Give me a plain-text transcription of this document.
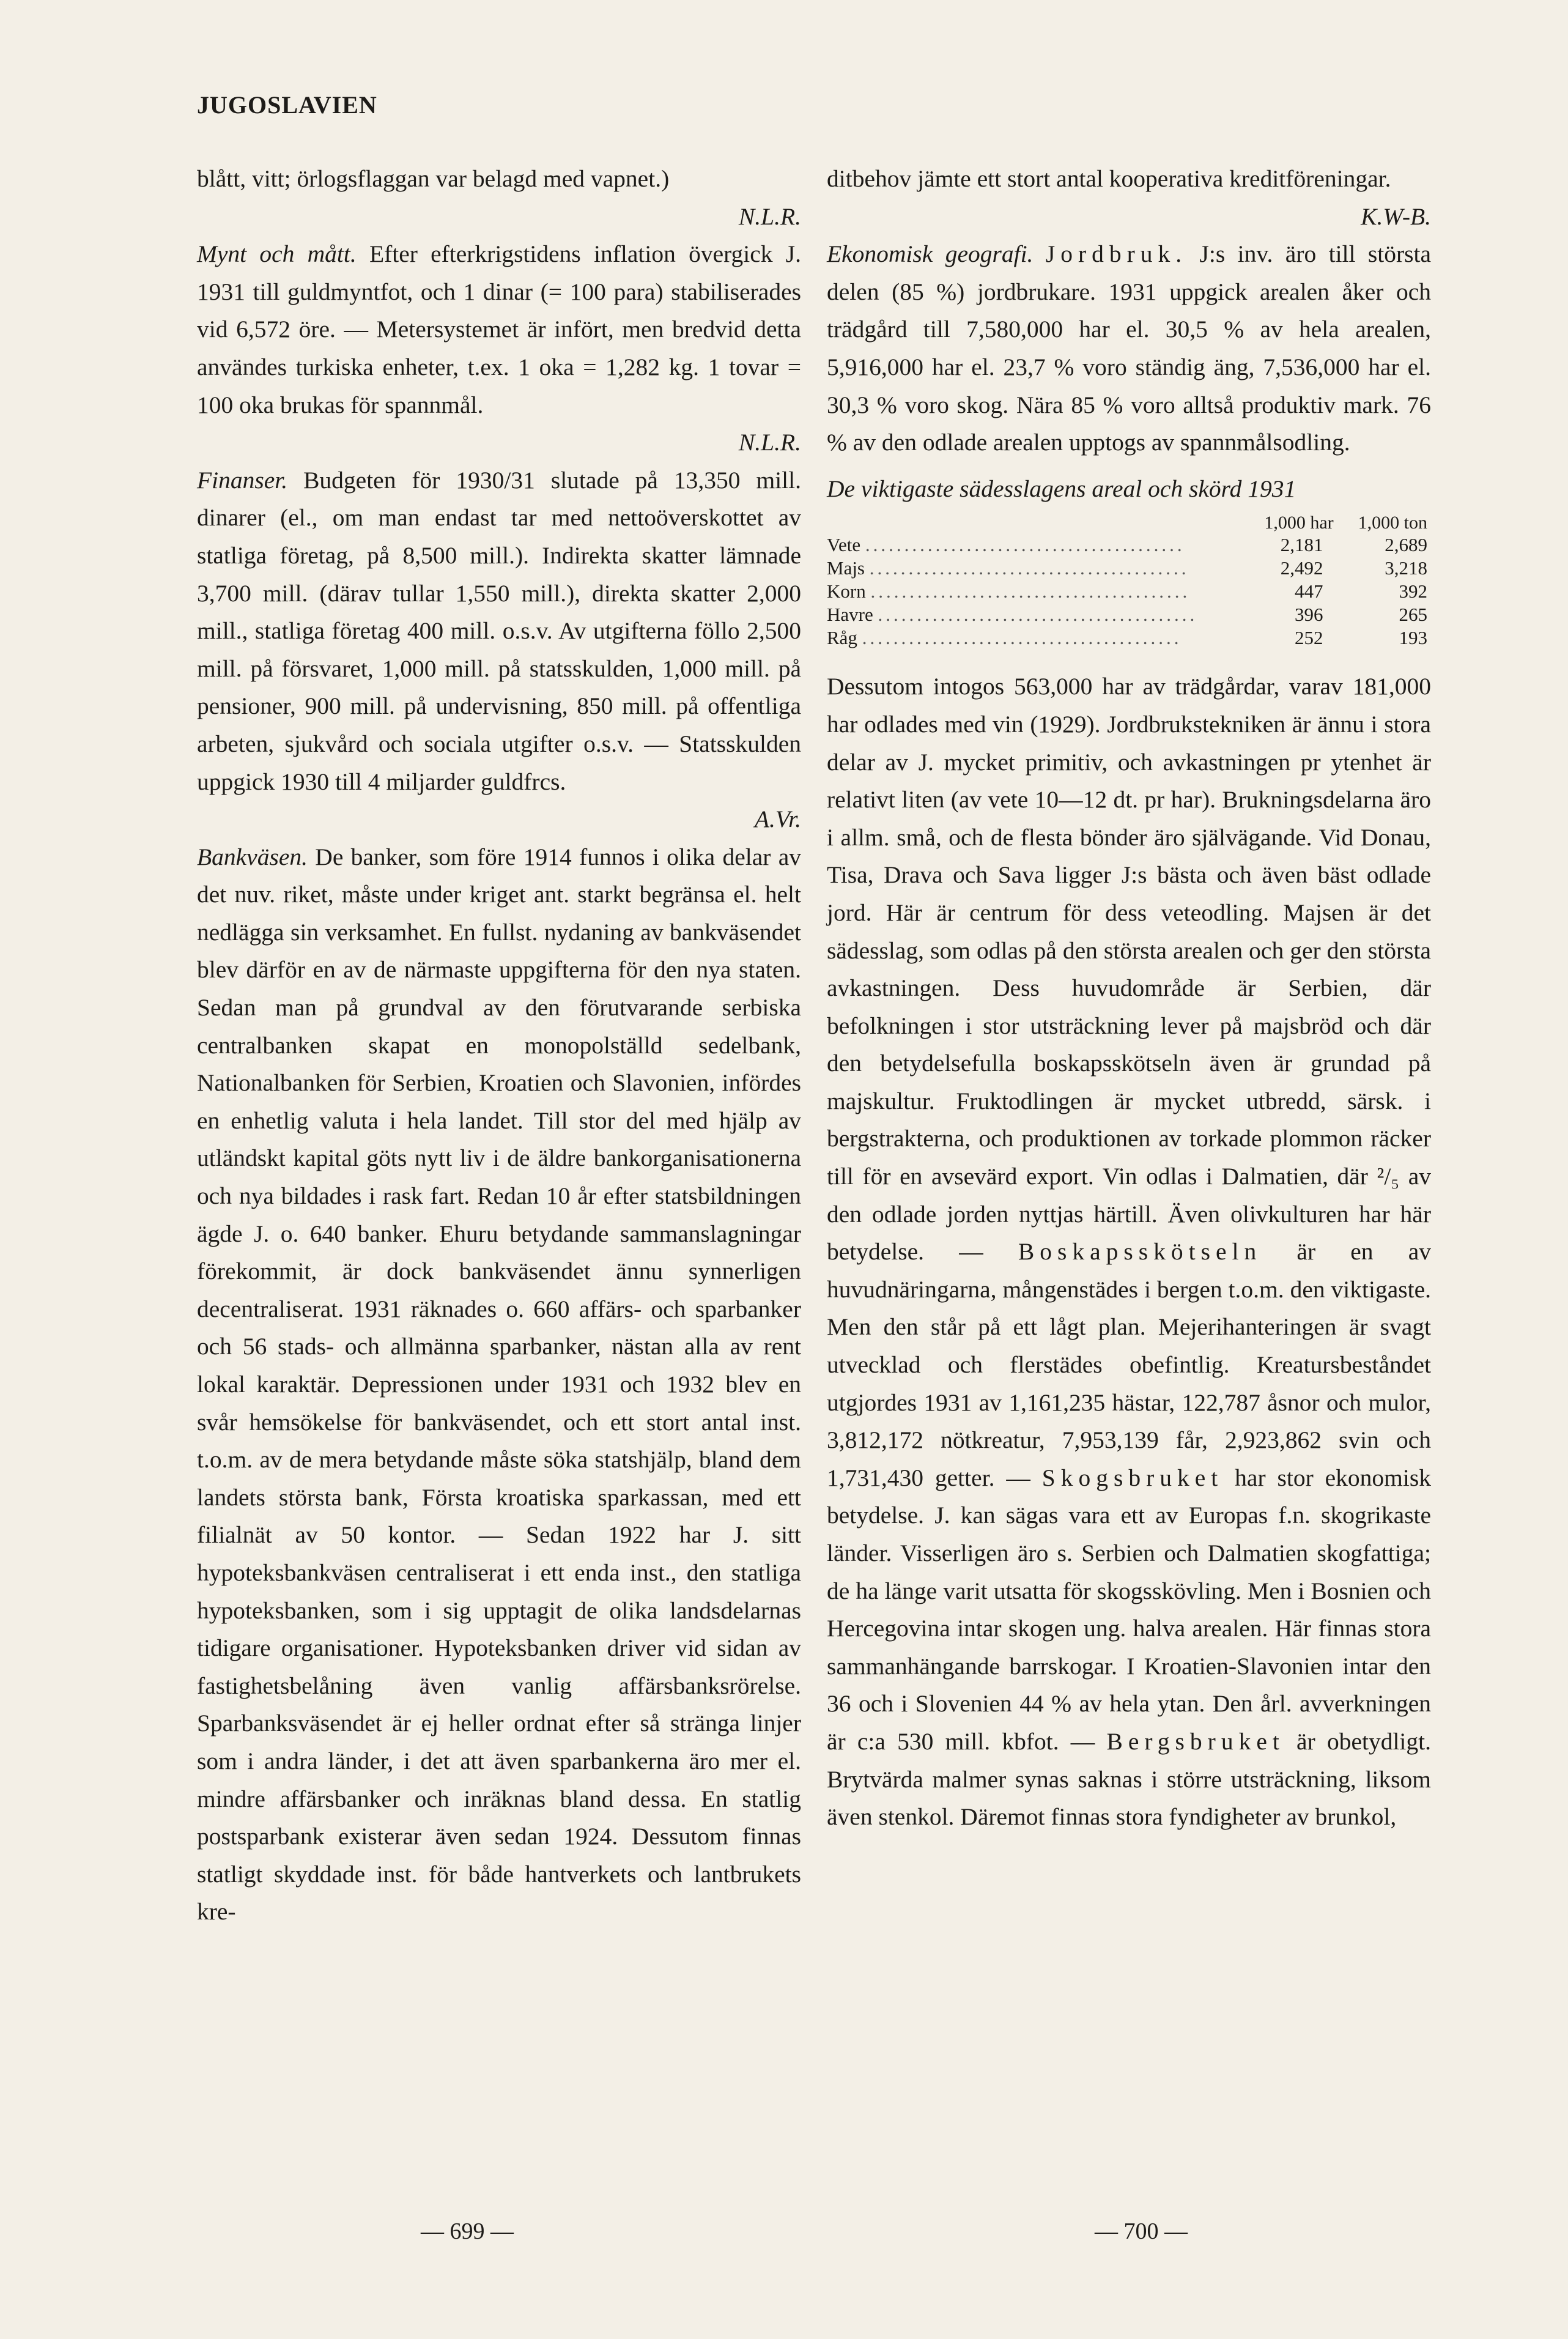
JUGOSLAVIEN

blått, vitt; örlogsflaggan var belagd med vapnet.)
N.L.R.

Mynt och mått. Efter efterkrigstidens inflation övergick J. 1931 till guldmyntfot, och 1 dinar (= 100 para) stabiliserades vid 6,572 öre. — Metersystemet är infört, men bredvid detta användes turkiska enheter, t.ex. 1 oka = 1,282 kg. 1 tovar = 100 oka brukas för spannmål.
N.L.R.

Finanser. Budgeten för 1930/31 slutade på 13,350 mill. dinarer (el., om man endast tar med nettoöverskottet av statliga företag, på 8,500 mill.). Indirekta skatter lämnade 3,700 mill. (därav tullar 1,550 mill.), direkta skatter 2,000 mill., statliga företag 400 mill. o.s.v. Av utgifterna föllo 2,500 mill. på försvaret, 1,000 mill. på statsskulden, 1,000 mill. på pensioner, 900 mill. på undervisning, 850 mill. på offentliga arbeten, sjukvård och sociala utgifter o.s.v. — Statsskulden uppgick 1930 till 4 miljarder guldfrcs.
A.Vr.

Bankväsen. De banker, som före 1914 funnos i olika delar av det nuv. riket, måste under kriget ant. starkt begränsa el. helt nedlägga sin verksamhet. En fullst. nydaning av bankväsendet blev därför en av de närmaste uppgifterna för den nya staten. Sedan man på grundval av den förutvarande serbiska centralbanken skapat en monopolställd sedelbank, Nationalbanken för Serbien, Kroatien och Slavonien, infördes en enhetlig valuta i hela landet. Till stor del med hjälp av utländskt kapital göts nytt liv i de äldre bankorganisationerna och nya bildades i rask fart. Redan 10 år efter statsbildningen ägde J. o. 640 banker. Ehuru betydande sammanslagningar förekommit, är dock bankväsendet ännu synnerligen decentraliserat. 1931 räknades o. 660 affärs- och sparbanker och 56 stads- och allmänna sparbanker, nästan alla av rent lokal karaktär. Depressionen under 1931 och 1932 blev en svår hemsökelse för bankväsendet, och ett stort antal inst. t.o.m. av de mera betydande måste söka statshjälp, bland dem landets största bank, Första kroatiska sparkassan, med ett filialnät av 50 kontor. — Sedan 1922 har J. sitt hypoteksbankväsen centraliserat i ett enda inst., den statliga hypoteksbanken, som i sig upptagit de olika landsdelarnas tidigare organisationer. Hypoteksbanken driver vid sidan av fastighetsbelåning även vanlig affärsbanksrörelse. Sparbanksväsendet är ej heller ordnat efter så stränga linjer som i andra länder, i det att även sparbankerna äro mer el. mindre affärsbanker och inräknas bland dessa. En statlig postsparbank existerar även sedan 1924. Dessutom finnas statligt skyddade inst. för både hantverkets och lantbrukets kre-

ditbehov jämte ett stort antal kooperativa kreditföreningar.
K.W-B.

Ekonomisk geografi. Jordbruk. J:s inv. äro till största delen (85 %) jordbrukare. 1931 uppgick arealen åker och trädgård till 7,580,000 har el. 30,5 % av hela arealen, 5,916,000 har el. 23,7 % voro ständig äng, 7,536,000 har el. 30,3 % voro skog. Nära 85 % voro alltså produktiv mark. 76 % av den odlade arealen upptogs av spannmålsodling.

De viktigaste sädesslagens areal och skörd 1931
1,000 har 1,000 ton
Vete .........................................	2,181	2,689
Majs .........................................	2,492	3,218
Korn .........................................	447	392
Havre .........................................	396	265
Råg .........................................	252	193

Dessutom intogos 563,000 har av trädgårdar, varav 181,000 har odlades med vin (1929). Jordbrukstekniken är ännu i stora delar av J. mycket primitiv, och avkastningen pr ytenhet är relativt liten (av vete 10—12 dt. pr har). Brukningsdelarna äro i allm. små, och de flesta bönder äro självägande. Vid Donau, Tisa, Drava och Sava ligger J:s bästa och även bäst odlade jord. Här är centrum för dess veteodling. Majsen är det sädesslag, som odlas på den största arealen och ger den största avkastningen. Dess huvudområde är Serbien, där befolkningen i stor utsträckning lever på majsbröd och där den betydelsefulla boskapsskötseln även är grundad på majskultur. Fruktodlingen är mycket utbredd, särsk. i bergstrakterna, och produktionen av torkade plommon räcker till för en avsevärd export. Vin odlas i Dalmatien, där ²/₅ av den odlade jorden nyttjas härtill. Även olivkulturen har här betydelse. — Boskapsskötseln är en av huvudnäringarna, mångenstädes i bergen t.o.m. den viktigaste. Men den står på ett lågt plan. Mejerihanteringen är svagt utvecklad och flerstädes obefintlig. Kreatursbeståndet utgjordes 1931 av 1,161,235 hästar, 122,787 åsnor och mulor, 3,812,172 nötkreatur, 7,953,139 får, 2,923,862 svin och 1,731,430 getter. — Skogsbruket har stor ekonomisk betydelse. J. kan sägas vara ett av Europas f.n. skogrikaste länder. Visserligen äro s. Serbien och Dalmatien skogfattiga; de ha länge varit utsatta för skogsskövling. Men i Bosnien och Hercegovina intar skogen ung. halva arealen. Här finnas stora sammanhängande barrskogar. I Kroatien-Slavonien intar den 36 och i Slovenien 44 % av hela ytan. Den årl. avverkningen är c:a 530 mill. kbfot. — Bergsbruket är obetydligt. Brytvärda malmer synas saknas i större utsträckning, liksom även stenkol. Däremot finnas stora fyndigheter av brunkol,

— 699 —	— 700 —
